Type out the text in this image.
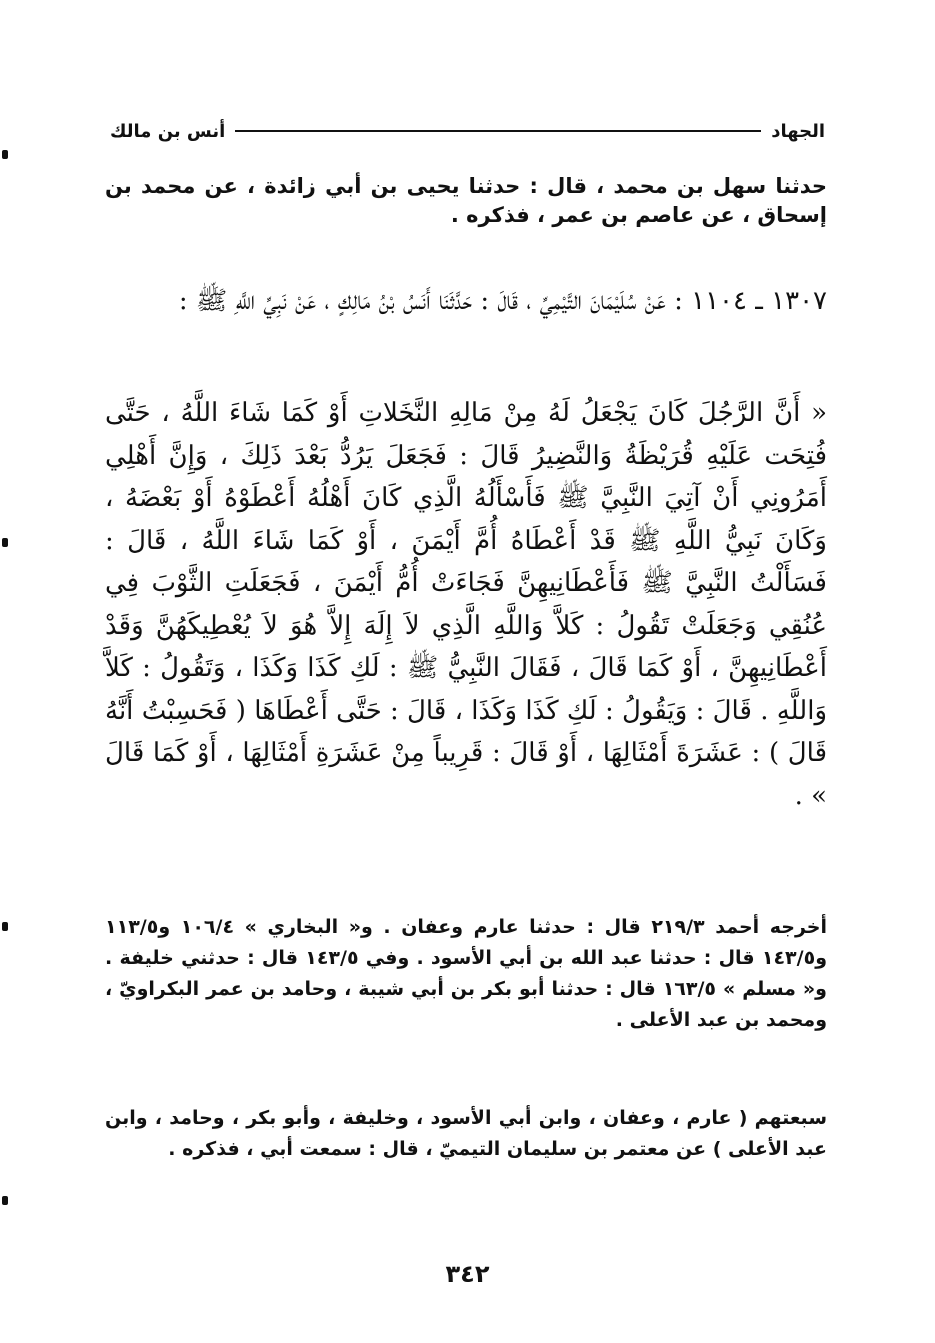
الجهاد
أنس بن مالك
حدثنا سهل بن محمد ، قال : حدثنا يحيى بن أبي زائدة ، عن محمد بن إسحاق ، عن عاصم بن عمر ، فذكره .
١٣٠٧ ـ ١١٠٤ : عَنْ سُلَيْمَانَ التَّيْمِيِّ ، قَالَ : حَدَّثَنَا أَنَسُ بْنُ مَالِكٍ ، عَنْ نَبِيِّ اللَّهِ ﷺ :
« أَنَّ الرَّجُلَ كَانَ يَجْعَلُ لَهُ مِنْ مَالِهِ النَّخَلاتِ أَوْ كَمَا شَاءَ اللَّهُ ، حَتَّى فُتِحَت عَلَيْهِ قُرَيْظَةُ وَالنَّضِيرُ قَالَ : فَجَعَلَ يَرُدُّ بَعْدَ ذَلِكَ ، وَإِنَّ أَهْلِي أَمَرُونِي أَنْ آتِيَ النَّبِيَّ ﷺ فَأَسْأَلُهُ الَّذِي كَانَ أَهْلُهُ أَعْطَوْهُ أَوْ بَعْضَهُ ، وَكَانَ نَبِيُّ اللَّهِ ﷺ قَدْ أَعْطَاهُ أُمَّ أَيْمَنَ ، أَوْ كَمَا شَاءَ اللَّهُ ، قَالَ : فَسَأَلْتُ النَّبِيَّ ﷺ فَأَعْطَانِيهِنَّ فَجَاءَتْ أُمُّ أَيْمَنَ ، فَجَعَلَتِ الثَّوْبَ فِي عُنُقِي وَجَعَلَتْ تَقُولُ : كَلاَّ وَاللَّهِ الَّذِي لاَ إِلَهَ إِلاَّ هُوَ لاَ يُعْطِيكَهُنَّ وَقَدْ أَعْطَانِيهِنَّ ، أَوْ كَمَا قَالَ ، فَقَالَ النَّبِيُّ ﷺ : لَكِ كَذَا وَكَذَا ، وَتَقُولُ : كَلاَّ وَاللَّهِ . قَالَ : وَيَقُولُ : لَكِ كَذَا وَكَذَا ، قَالَ : حَتَّى أَعْطَاهَا ( فَحَسِبْتُ أَنَّهُ قَالَ ) : عَشَرَةَ أَمْثَالِهَا ، أَوْ قَالَ : قَرِيباً مِنْ عَشَرَةِ أَمْثَالِهَا ، أَوْ كَمَا قَالَ » .
أخرجه أحمد ٢١٩/٣ قال : حدثنا عارم وعفان . و« البخاري » ١٠٦/٤ و١١٣/٥ و١٤٣/٥ قال : حدثنا عبد الله بن أبي الأسود . وفي ١٤٣/٥ قال : حدثني خليفة . و« مسلم » ١٦٣/٥ قال : حدثنا أبو بكر بن أبي شيبة ، وحامد بن عمر البكراويّ ، ومحمد بن عبد الأعلى .
سبعتهم ( عارم ، وعفان ، وابن أبي الأسود ، وخليفة ، وأبو بكر ، وحامد ، وابن عبد الأعلى ) عن معتمر بن سليمان التيميّ ، قال : سمعت أبي ، فذكره .
٣٤٢
